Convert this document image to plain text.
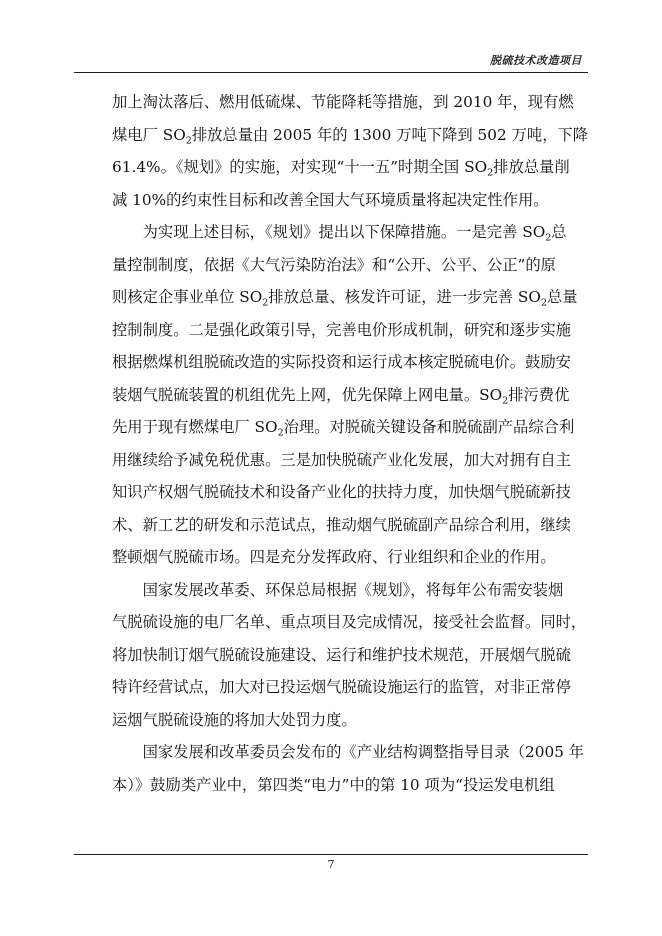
脱硫技术改造项目
加上淘汰落后、燃用低硫煤、节能降耗等措施，到 2010 年，现有燃
煤电厂 $SO_2$排放总量由 2005 年的 1300 万吨下降到 502 万吨，下降
61.4%。《规划》的实施，对实现“十一五”时期全国 $SO_2$排放总量削
减 10%的约束性目标和改善全国大气环境质量将起决定性作用。
为实现上述目标，《规划》提出以下保障措施。一是完善 $SO_2$总
量控制制度，依据《大气污染防治法》和“公开、公平、公正”的原
则核定企事业单位 $SO_2$排放总量、核发许可证，进一步完善 $SO_2$总量
控制制度。二是强化政策引导，完善电价形成机制，研究和逐步实施
根据燃煤机组脱硫改造的实际投资和运行成本核定脱硫电价。鼓励安
装烟气脱硫装置的机组优先上网，优先保障上网电量。$SO_2$排污费优
先用于现有燃煤电厂 $SO_2$治理。对脱硫关键设备和脱硫副产品综合利
用继续给予减免税优惠。三是加快脱硫产业化发展，加大对拥有自主
知识产权烟气脱硫技术和设备产业化的扶持力度，加快烟气脱硫新技
术、新工艺的研发和示范试点，推动烟气脱硫副产品综合利用，继续
整顿烟气脱硫市场。四是充分发挥政府、行业组织和企业的作用。
国家发展改革委、环保总局根据《规划》，将每年公布需安装烟
气脱硫设施的电厂名单、重点项目及完成情况，接受社会监督。同时，
将加快制订烟气脱硫设施建设、运行和维护技术规范，开展烟气脱硫
特许经营试点，加大对已投运烟气脱硫设施运行的监管，对非正常停
运烟气脱硫设施的将加大处罚力度。
国家发展和改革委员会发布的《产业结构调整指导目录（2005 年
本）》鼓励类产业中，第四类“电力”中的第 10 项为“投运发电机组
7
